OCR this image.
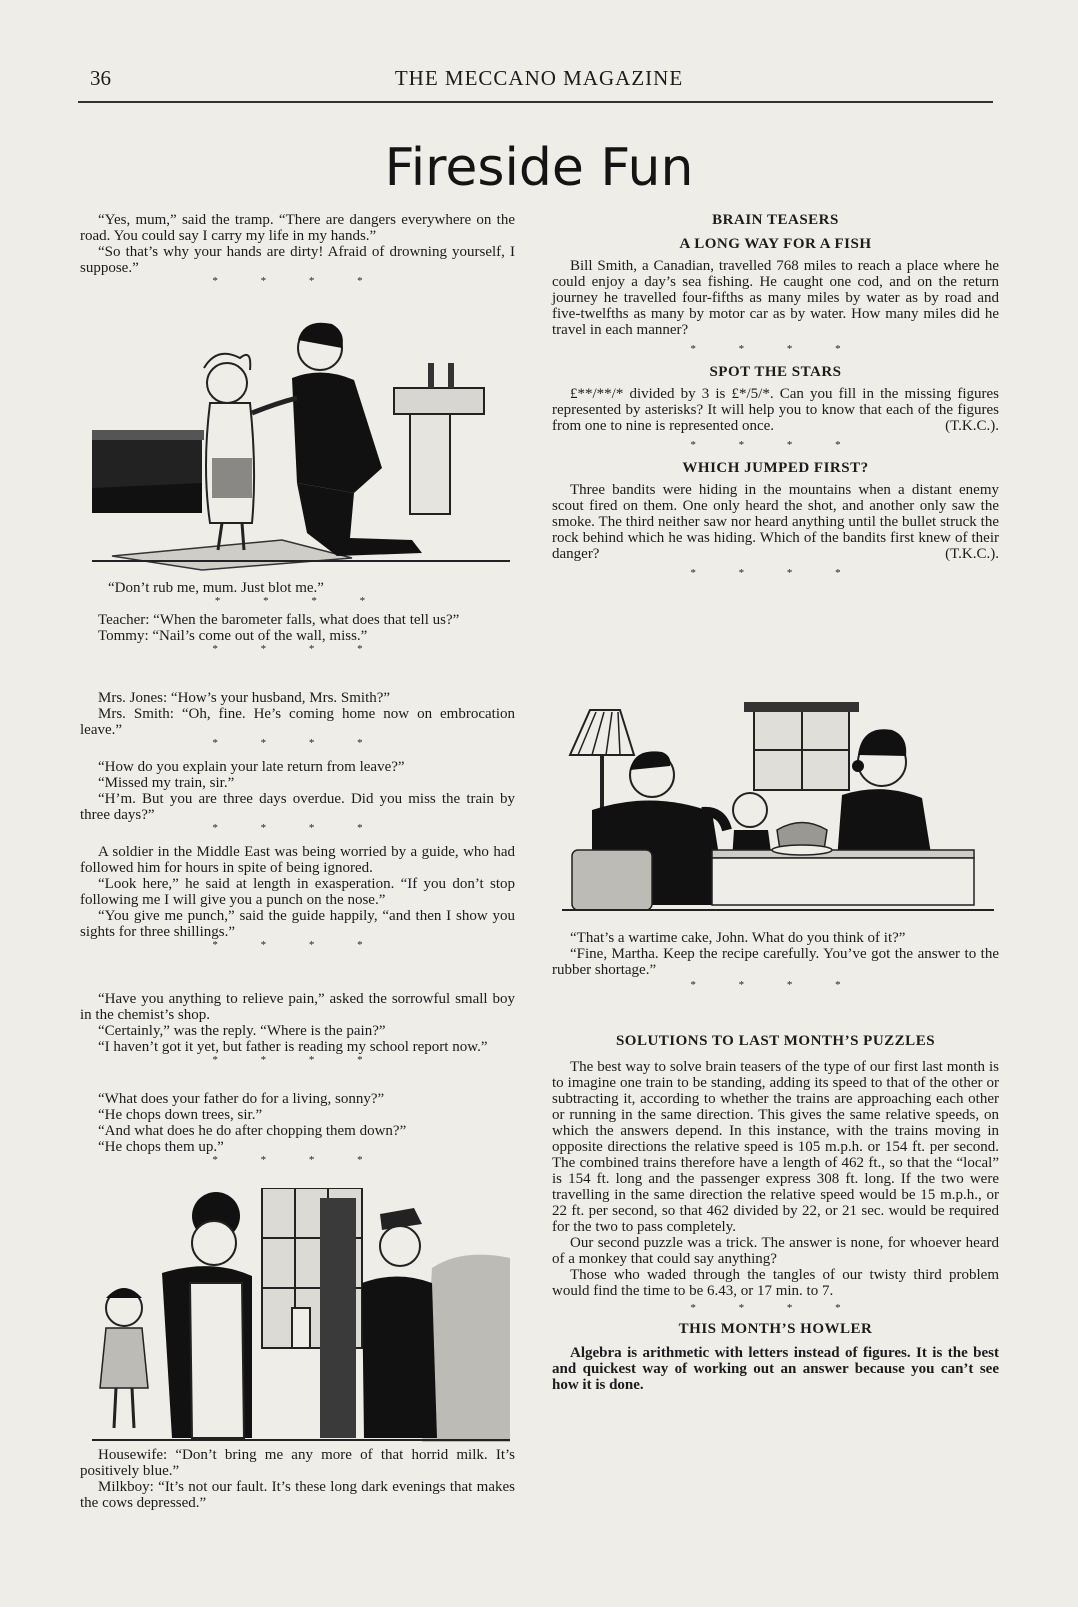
36	THE MECCANO MAGAZINE
Fireside Fun

“Yes, mum,” said the tramp. “There are dangers everywhere on the road. You could say I carry my life in my hands.”

“So that’s why your hands are dirty! Afraid of drowning yourself, I suppose.”

* * * *

“Don’t rub me, mum. Just blot me.”

* * * *

Teacher: “When the barometer falls, what does that tell us?”

Tommy: “Nail’s come out of the wall, miss.”

* * * *

Mrs. Jones: “How’s your husband, Mrs. Smith?”

Mrs. Smith: “Oh, fine. He’s coming home now on embrocation leave.”

* * * *

“How do you explain your late return from leave?”

“Missed my train, sir.”

“H’m. But you are three days overdue. Did you miss the train by three days?”

* * * *

A soldier in the Middle East was being worried by a guide, who had followed him for hours in spite of being ignored.

“Look here,” he said at length in exasperation. “If you don’t stop following me I will give you a punch on the nose.”

“You give me punch,” said the guide happily, “and then I show you sights for three shillings.”

* * * *

“Have you anything to relieve pain,” asked the sorrowful small boy in the chemist’s shop.

“Certainly,” was the reply. “Where is the pain?”

“I haven’t got it yet, but father is reading my school report now.”

* * * *

“What does your father do for a living, sonny?”

“He chops down trees, sir.”

“And what does he do after chopping them down?”

“He chops them up.”

* * * *

Housewife: “Don’t bring me any more of that horrid milk. It’s positively blue.”

Milkboy: “It’s not our fault. It’s these long dark evenings that makes the cows depressed.”

BRAIN TEASERS
A LONG WAY FOR A FISH

Bill Smith, a Canadian, travelled 768 miles to reach a place where he could enjoy a day’s sea fishing. He caught one cod, and on the return journey he travelled four-fifths as many miles by water as by road and five-twelfths as many by motor car as by water. How many miles did he travel in each manner?

* * * *
SPOT THE STARS

£**/**/* divided by 3 is £*/5/*. Can you fill in the missing figures represented by asterisks? It will help you to know that each of the figures from one to nine is represented once.	(T.K.C.).
* * * *
WHICH JUMPED FIRST?

Three bandits were hiding in the mountains when a distant enemy scout fired on them. One only heard the shot, and another only saw the smoke. The third neither saw nor heard anything until the bullet struck the rock behind which he was hiding. Which of the bandits first knew of their danger?	(T.K.C.).
* * * *

“That’s a wartime cake, John. What do you think of it?”

“Fine, Martha. Keep the recipe carefully. You’ve got the answer to the rubber shortage.”

* * * *
SOLUTIONS TO LAST MONTH’S PUZZLES

The best way to solve brain teasers of the type of our first last month is to imagine one train to be standing, adding its speed to that of the other or subtracting it, according to whether the trains are approaching each other or running in the same direction. This gives the same relative speeds, on which the answers depend. In this instance, with the trains moving in opposite directions the relative speed is 105 m.p.h. or 154 ft. per second. The combined trains therefore have a length of 462 ft., so that the “local” is 154 ft. long and the passenger express 308 ft. long. If the two were travelling in the same direction the relative speed would be 15 m.p.h., or 22 ft. per second, so that 462 divided by 22, or 21 sec. would be required for the two to pass completely.

Our second puzzle was a trick. The answer is none, for whoever heard of a monkey that could say anything?

Those who waded through the tangles of our twisty third problem would find the time to be 6.43, or 17 min. to 7.

* * * *
THIS MONTH’S HOWLER

Algebra is arithmetic with letters instead of figures. It is the best and quickest way of working out an answer because you can’t see how it is done.
